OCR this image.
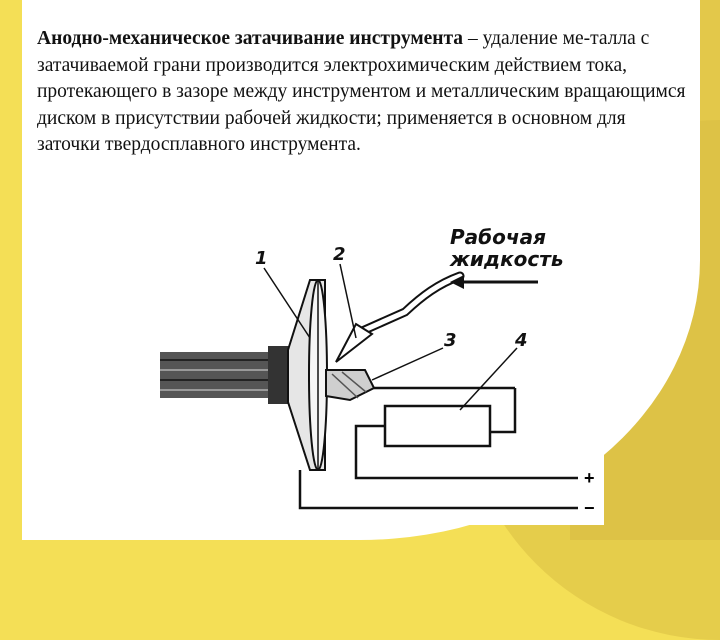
Анодно-механическое затачивание инструмента – удаление ме-талла с затачиваемой грани производится электрохимическим действием тока, протекающего в зазоре между инструментом и металлическим вращающимся диском в присутствии рабочей жидкости; применяется в основном для заточки твердосплавного инструмента.
Рабочая
жидкость
+
−
1	2
3	4
